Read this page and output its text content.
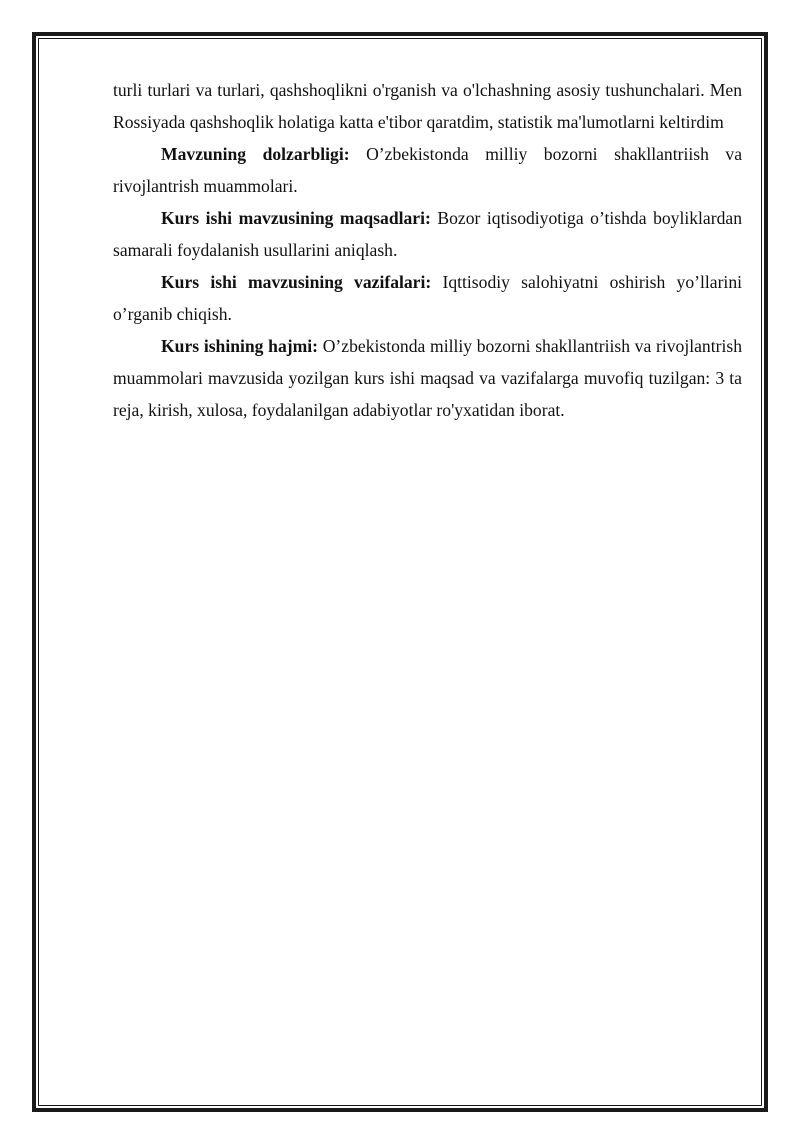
turli turlari va turlari, qashshoqlikni o'rganish va o'lchashning asosiy tushunchalari. Men Rossiyada qashshoqlik holatiga katta e'tibor qaratdim, statistik ma'lumotlarni keltirdim

Mavzuning dolzarbligi: O’zbekistonda milliy bozorni shakllantriish va rivojlantrish muammolari.

Kurs ishi mavzusining maqsadlari: Bozor iqtisodiyotiga o’tishda boyliklardan samarali foydalanish usullarini aniqlash.

Kurs ishi mavzusining vazifalari: Iqttisodiy salohiyatni oshirish yo’llarini o’rganib chiqish.

Kurs ishining hajmi: O’zbekistonda milliy bozorni shakllantriish va rivojlantrish muammolari mavzusida yozilgan kurs ishi maqsad va vazifalarga muvofiq tuzilgan: 3 ta reja, kirish, xulosa, foydalanilgan adabiyotlar ro'yxatidan iborat.
